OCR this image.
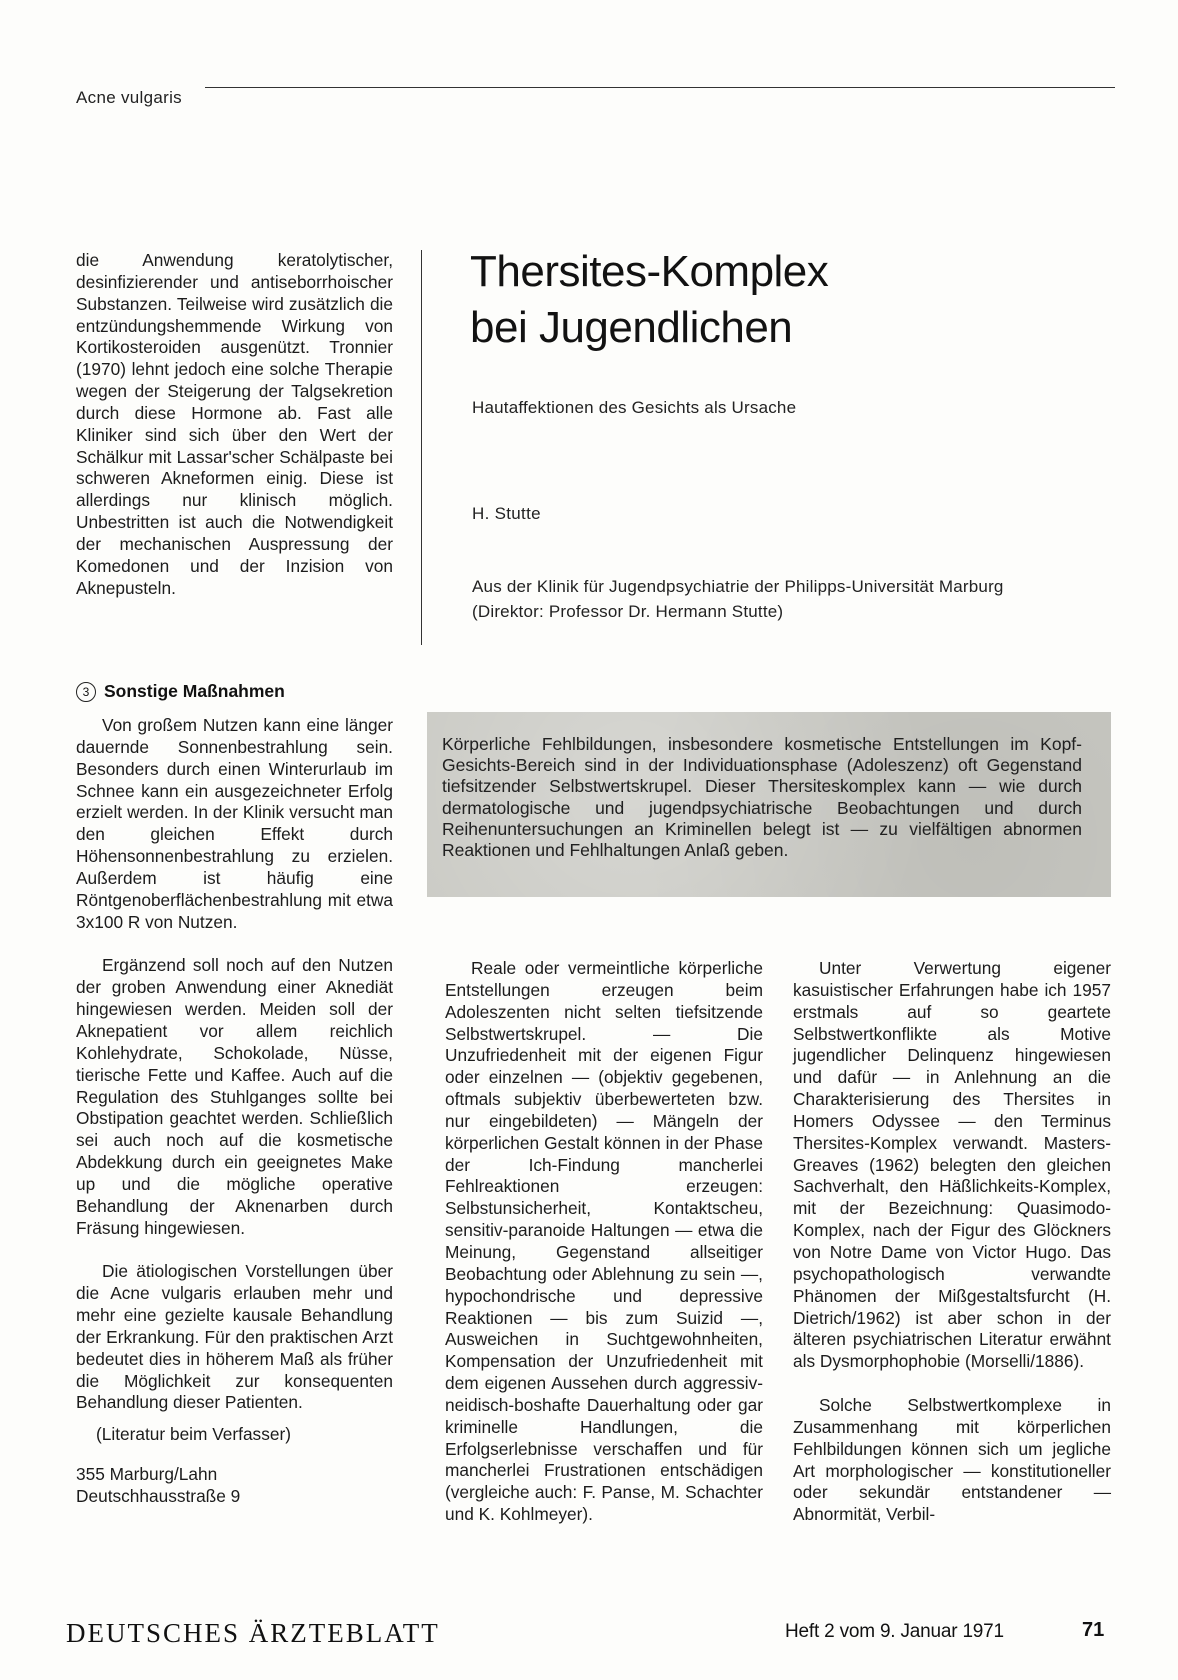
Acne vulgaris

die Anwendung keratolytischer, desinfizierender und antiseborrhoischer Substanzen. Teilweise wird zusätzlich die entzündungshemmende Wirkung von Kortikosteroiden ausgenützt. Tronnier (1970) lehnt jedoch eine solche Therapie wegen der Steigerung der Talgsekretion durch diese Hormone ab. Fast alle Kliniker sind sich über den Wert der Schälkur mit Lassar'scher Schälpaste bei schweren Akneformen einig. Diese ist allerdings nur klinisch möglich. Unbestritten ist auch die Notwendigkeit der mechanischen Auspressung der Komedonen und der Inzision von Aknepusteln.

3 Sonstige Maßnahmen

Von großem Nutzen kann eine länger dauernde Sonnenbestrahlung sein. Besonders durch einen Winterurlaub im Schnee kann ein ausgezeichneter Erfolg erzielt werden. In der Klinik versucht man den gleichen Effekt durch Höhensonnenbestrahlung zu erzielen. Außerdem ist häufig eine Röntgenoberflächenbestrahlung mit etwa 3x100 R von Nutzen.

Ergänzend soll noch auf den Nutzen der groben Anwendung einer Aknediät hingewiesen werden. Meiden soll der Aknepatient vor allem reichlich Kohlehydrate, Schokolade, Nüsse, tierische Fette und Kaffee. Auch auf die Regulation des Stuhlganges sollte bei Obstipation geachtet werden. Schließlich sei auch noch auf die kosmetische Abdekkung durch ein geeignetes Make up und die mögliche operative Behandlung der Aknenarben durch Fräsung hingewiesen.

Die ätiologischen Vorstellungen über die Acne vulgaris erlauben mehr und mehr eine gezielte kausale Behandlung der Erkrankung. Für den praktischen Arzt bedeutet dies in höherem Maß als früher die Möglichkeit zur konsequenten Behandlung dieser Patienten.

(Literatur beim Verfasser)

355 Marburg/Lahn
Deutschhausstraße 9

Thersites-Komplex
bei Jugendlichen
Hautaffektionen des Gesichts als Ursache
H. Stutte
Aus der Klinik für Jugendpsychiatrie der Philipps-Universität Marburg
(Direktor: Professor Dr. Hermann Stutte)
Körperliche Fehlbildungen, insbesondere kosmetische Entstellungen im Kopf-Gesichts-Bereich sind in der Individuationsphase (Adoleszenz) oft Gegenstand tiefsitzender Selbstwertskrupel. Dieser Thersiteskomplex kann — wie durch dermatologische und jugendpsychiatrische Beobachtungen und durch Reihenuntersuchungen an Kriminellen belegt ist — zu vielfältigen abnormen Reaktionen und Fehlhaltungen Anlaß geben.

Reale oder vermeintliche körperliche Entstellungen erzeugen beim Adoleszenten nicht selten tiefsitzende Selbstwertskrupel. — Die Unzufriedenheit mit der eigenen Figur oder einzelnen — (objektiv gegebenen, oftmals subjektiv überbewerteten bzw. nur eingebildeten) — Mängeln der körperlichen Gestalt können in der Phase der Ich-Findung mancherlei Fehlreaktionen erzeugen: Selbstunsicherheit, Kontaktscheu, sensitiv-paranoide Haltungen — etwa die Meinung, Gegenstand allseitiger Beobachtung oder Ablehnung zu sein —, hypochondrische und depressive Reaktionen — bis zum Suizid —, Ausweichen in Suchtgewohnheiten, Kompensation der Unzufriedenheit mit dem eigenen Aussehen durch aggressiv-neidisch-boshafte Dauerhaltung oder gar kriminelle Handlungen, die Erfolgserlebnisse verschaffen und für mancherlei Frustrationen entschädigen (vergleiche auch: F. Panse, M. Schachter und K. Kohlmeyer).

Unter Verwertung eigener kasuistischer Erfahrungen habe ich 1957 erstmals auf so geartete Selbstwertkonflikte als Motive jugendlicher Delinquenz hingewiesen und dafür — in Anlehnung an die Charakterisierung des Thersites in Homers Odyssee — den Terminus Thersites-Komplex verwandt. Masters-Greaves (1962) belegten den gleichen Sachverhalt, den Häßlichkeits-Komplex, mit der Bezeichnung: Quasimodo-Komplex, nach der Figur des Glöckners von Notre Dame von Victor Hugo. Das psychopathologisch verwandte Phänomen der Mißgestaltsfurcht (H. Dietrich/1962) ist aber schon in der älteren psychiatrischen Literatur erwähnt als Dysmorphophobie (Morselli/1886).

Solche Selbstwertkomplexe in Zusammenhang mit körperlichen Fehlbildungen können sich um jegliche Art morphologischer — konstitutioneller oder sekundär entstandener — Abnormität, Verbil-

DEUTSCHES ÄRZTEBLATT	Heft 2 vom 9. Januar 1971	71
